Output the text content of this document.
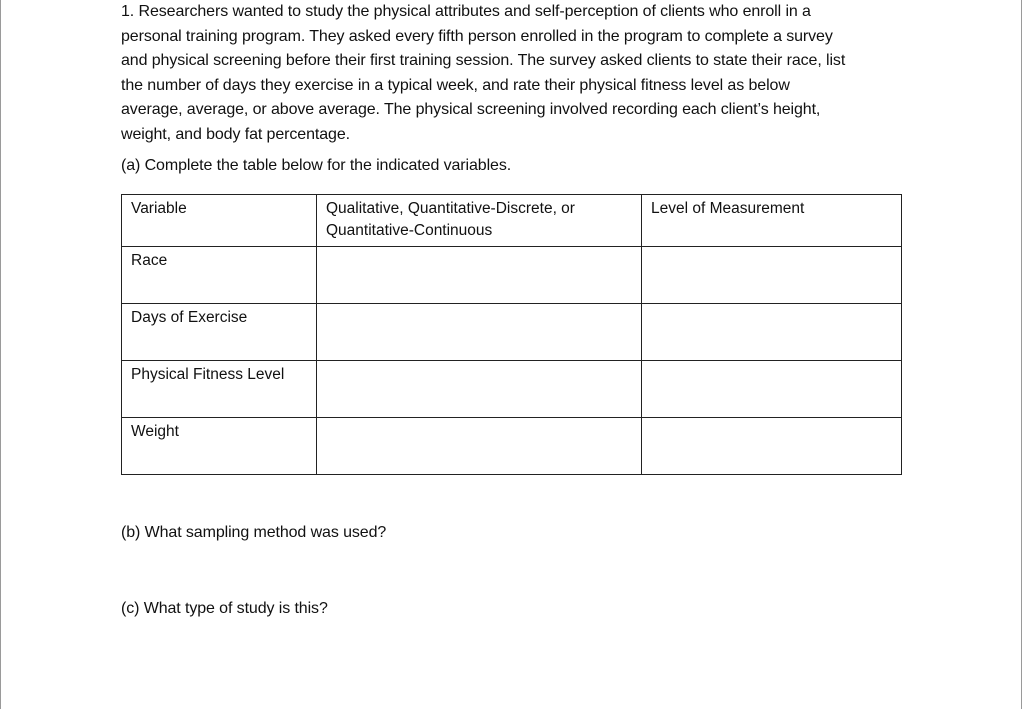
1. Researchers wanted to study the physical attributes and self-perception of clients who enroll in a
personal training program. They asked every fifth person enrolled in the program to complete a survey
and physical screening before their first training session. The survey asked clients to state their race, list
the number of days they exercise in a typical week, and rate their physical fitness level as below
average, average, or above average. The physical screening involved recording each client’s height,
weight, and body fat percentage.

(a) Complete the table below for the indicated variables.

Variable	Qualitative, Quantitative-Discrete, or Quantitative-Continuous	Level of Measurement
Race		
Days of Exercise		
Physical Fitness Level		
Weight		

(b) What sampling method was used?

(c) What type of study is this?
